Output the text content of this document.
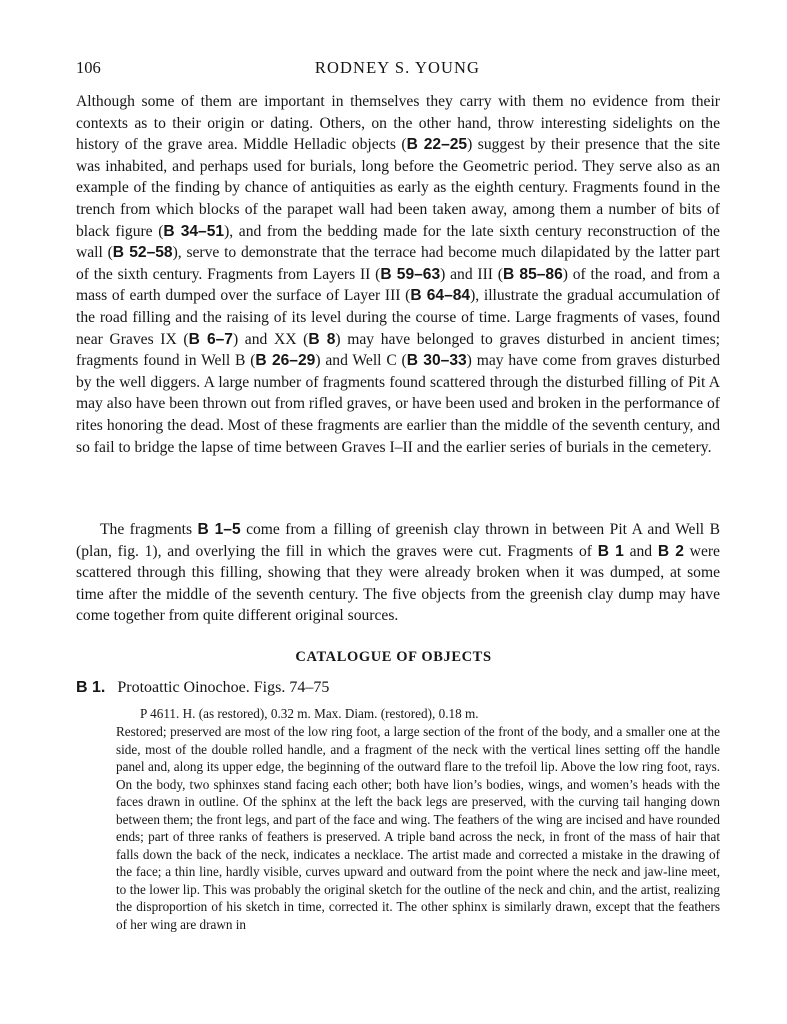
106	RODNEY S. YOUNG

Although some of them are important in themselves they carry with them no evidence from their contexts as to their origin or dating. Others, on the other hand, throw interesting sidelights on the history of the grave area. Middle Helladic objects (B 22–25) suggest by their presence that the site was inhabited, and perhaps used for burials, long before the Geometric period. They serve also as an example of the finding by chance of antiquities as early as the eighth century. Fragments found in the trench from which blocks of the parapet wall had been taken away, among them a number of bits of black figure (B 34–51), and from the bedding made for the late sixth century reconstruction of the wall (B 52–58), serve to demonstrate that the terrace had become much dilapidated by the latter part of the sixth century. Fragments from Layers II (B 59–63) and III (B 85–86) of the road, and from a mass of earth dumped over the surface of Layer III (B 64–84), illustrate the gradual accumulation of the road filling and the raising of its level during the course of time. Large fragments of vases, found near Graves IX (B 6–7) and XX (B 8) may have belonged to graves disturbed in ancient times; fragments found in Well B (B 26–29) and Well C (B 30–33) may have come from graves disturbed by the well diggers. A large number of fragments found scattered through the disturbed filling of Pit A may also have been thrown out from rifled graves, or have been used and broken in the performance of rites honoring the dead. Most of these fragments are earlier than the middle of the seventh century, and so fail to bridge the lapse of time between Graves I–II and the earlier series of burials in the cemetery.

The fragments B 1–5 come from a filling of greenish clay thrown in between Pit A and Well B (plan, fig. 1), and overlying the fill in which the graves were cut. Fragments of B 1 and B 2 were scattered through this filling, showing that they were already broken when it was dumped, at some time after the middle of the seventh century. The five objects from the greenish clay dump may have come together from quite different original sources.

CATALOGUE OF OBJECTS
B 1. Protoattic Oinochoe. Figs. 74–75
P 4611. H. (as restored), 0.32 m. Max. Diam. (restored), 0.18 m.

Restored; preserved are most of the low ring foot, a large section of the front of the body, and a smaller one at the side, most of the double rolled handle, and a fragment of the neck with the vertical lines setting off the handle panel and, along its upper edge, the beginning of the outward flare to the trefoil lip. Above the low ring foot, rays. On the body, two sphinxes stand facing each other; both have lion’s bodies, wings, and women’s heads with the faces drawn in outline. Of the sphinx at the left the back legs are preserved, with the curving tail hanging down between them; the front legs, and part of the face and wing. The feathers of the wing are incised and have rounded ends; part of three ranks of feathers is preserved. A triple band across the neck, in front of the mass of hair that falls down the back of the neck, indicates a necklace. The artist made and corrected a mistake in the drawing of the face; a thin line, hardly visible, curves upward and outward from the point where the neck and jaw-line meet, to the lower lip. This was probably the original sketch for the outline of the neck and chin, and the artist, realizing the disproportion of his sketch in time, corrected it. The other sphinx is similarly drawn, except that the feathers of her wing are drawn in
